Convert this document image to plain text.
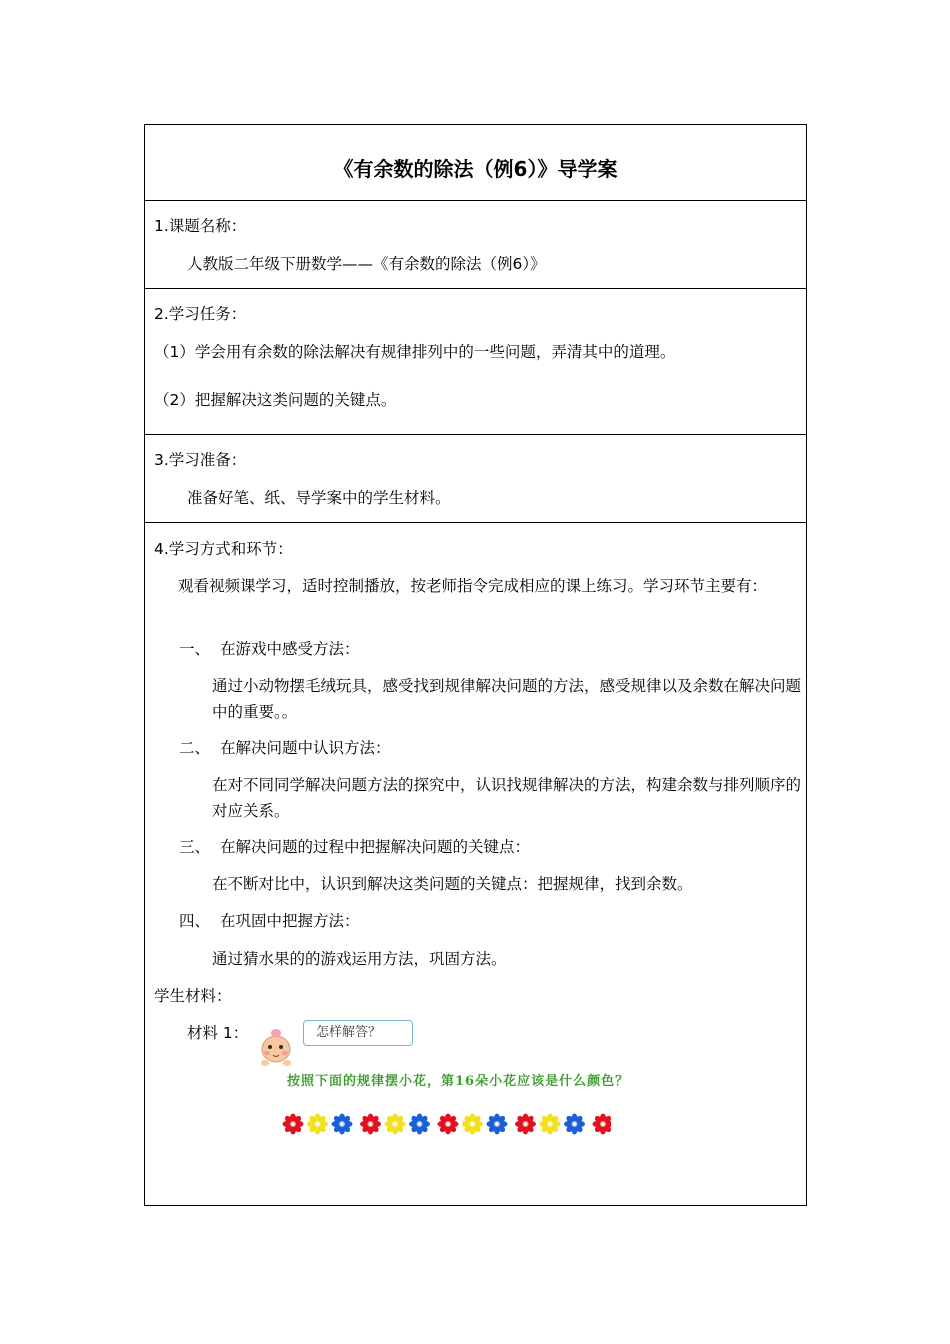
《有余数的除法（例6）》导学案
1.课题名称：
人教版二年级下册数学——《有余数的除法（例6）》
2.学习任务：
（1）学会用有余数的除法解决有规律排列中的一些问题，弄清其中的道理。
（2）把握解决这类问题的关键点。
3.学习准备：
准备好笔、纸、导学案中的学生材料。
4.学习方式和环节：
观看视频课学习，适时控制播放，按老师指令完成相应的课上练习。学习环节主要有：
一、 在游戏中感受方法：
通过小动物摆毛绒玩具，感受找到规律解决问题的方法，感受规律以及余数在解决问题中的重要。。
二、 在解决问题中认识方法：
在对不同同学解决问题方法的探究中，认识找规律解决的方法，构建余数与排列顺序的对应关系。
三、 在解决问题的过程中把握解决问题的关键点：
在不断对比中，认识到解决这类问题的关键点：把握规律，找到余数。
四、 在巩固中把握方法：
通过猜水果的的游戏运用方法，巩固方法。
学生材料：
材料 1：	怎样解答？
按照下面的规律摆小花，第16朵小花应该是什么颜色？
